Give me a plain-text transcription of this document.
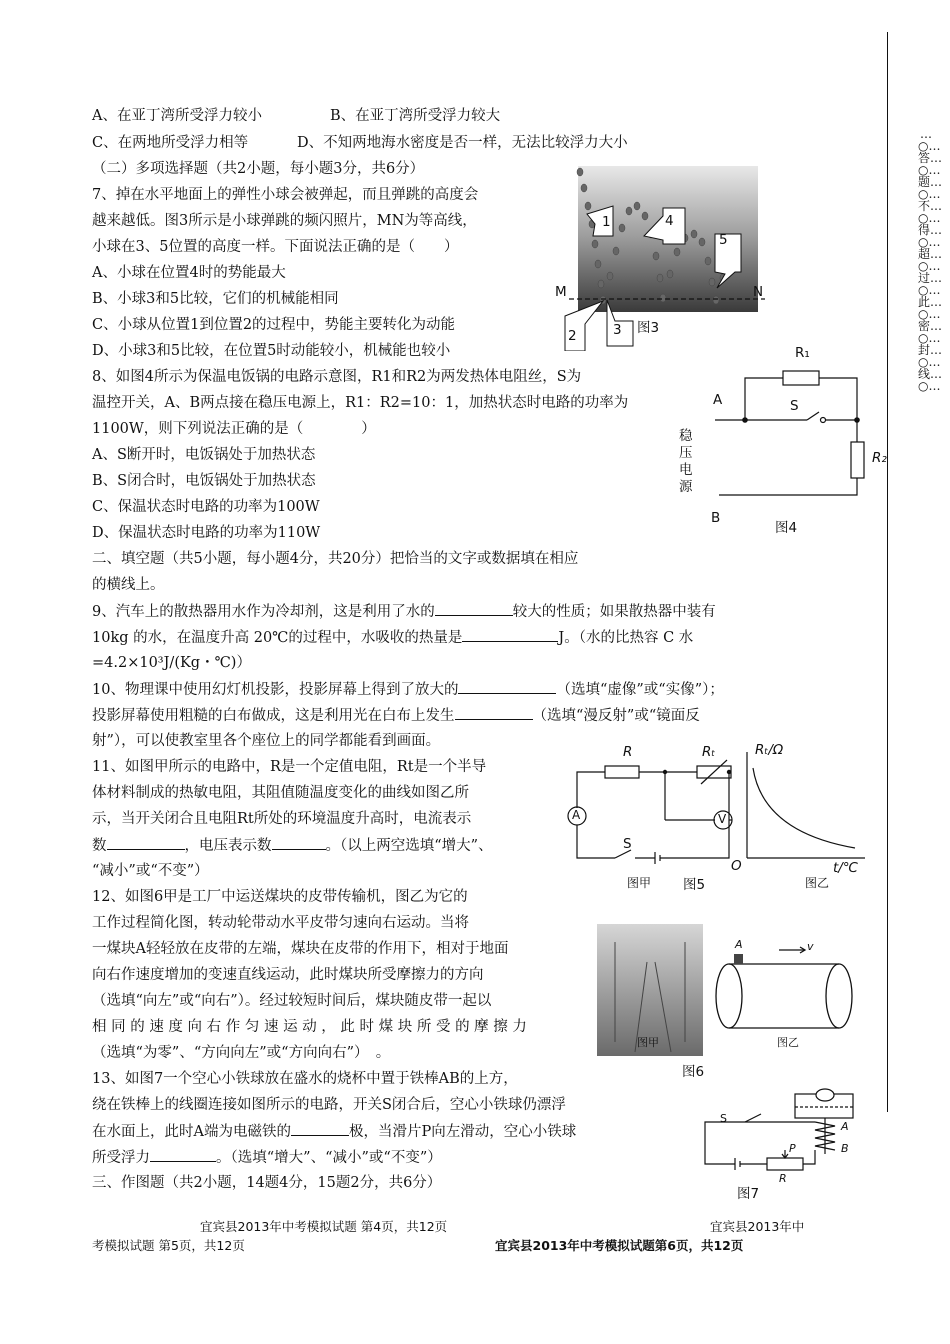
…○…答…○…题…○…不…○…得…○…超…○…过…○…此…○…密…○…封…○…线…○…
A、在亚丁湾所受浮力较小	B、在亚丁湾所受浮力较大
C、在两地所受浮力相等	D、不知两地海水密度是否一样，无法比较浮力大小
（二）多项选择题（共2小题，每小题3分，共6分）
7、掉在水平地面上的弹性小球会被弹起，而且弹跳的高度会
越来越低。图3所示是小球弹跳的频闪照片，MN为等高线，
小球在3、5位置的高度一样。下面说法正确的是（　　）
A、小球在位置4时的势能最大
B、小球3和5比较，它们的机械能相同
C、小球从位置1到位置2的过程中，势能主要转化为动能
D、小球3和5比较，在位置5时动能较小，机械能也较小
8、如图4所示为保温电饭锅的电路示意图，R1和R2为两发热体电阻丝，S为
温控开关，A、B两点接在稳压电源上，R1：R2=10：1，加热状态时电路的功率为
1100W，则下列说法正确的是（　　　　）
A、S断开时，电饭锅处于加热状态
B、S闭合时，电饭锅处于加热状态
C、保温状态时电路的功率为100W
D、保温状态时电路的功率为110W
二、填空题（共5小题，每小题4分，共20分）把恰当的文字或数据填在相应
的横线上。
9、汽车上的散热器用水作为冷却剂，这是利用了水的	较大的性质；如果散热器中装有
10kg 的水，在温度升高 20℃的过程中，水吸收的热量是	J。（水的比热容 C 水
=4.2×10³J/(Kg・℃)）
10、物理课中使用幻灯机投影，投影屏幕上得到了放大的	（选填“虚像”或“实像”）；
投影屏幕使用粗糙的白布做成，这是利用光在白布上发生	（选填“漫反射”或“镜面反
射”），可以使教室里各个座位上的同学都能看到画面。
11、如图甲所示的电路中，R是一个定值电阻，Rt是一个半导
体材料制成的热敏电阻，其阻值随温度变化的曲线如图乙所
示，当开关闭合且电阻Rt所处的环境温度升高时，电流表示
数	，电压表示数	。（以上两空选填“增大”、
“减小”或“不变”）
12、如图6甲是工厂中运送煤块的皮带传输机，图乙为它的
工作过程简化图，转动轮带动水平皮带匀速向右运动。当将
一煤块A轻轻放在皮带的左端，煤块在皮带的作用下，相对于地面
向右作速度增加的变速直线运动，此时煤块所受摩擦力的方向
（选填“向左”或“向右”）。经过较短时间后，煤块随皮带一起以
相 同 的 速 度 向 右 作 匀 速 运 动 ， 此 时 煤 块 所 受 的 摩 擦 力
（选填“为零”、“方向向左”或“方向向右”）　。
13、如图7一个空心小铁球放在盛水的烧杯中置于铁棒AB的上方，
绕在铁棒上的线圈连接如图所示的电路，开关S闭合后，空心小铁球仍漂浮
在水面上，此时A端为电磁铁的	极，当滑片P向左滑动，空心小铁球
所受浮力	。（选填“增大”、“减小”或“不变”）
三、作图题（共2小题，14题4分，15题2分，共6分）
宜宾县2013年中考模拟试题 第4页，共12页	宜宾县2013年中
考模拟试题 第5页，共12页	宜宾县2013年中考模拟试题第6页，共12页
1	4
5
2	3
M	N
图3
R₁
R₂
A
B
S
稳压电源
图4
R	Rₜ
A	V
S
Rₜ/Ω
t/℃
O
图甲	图乙
图5
A	v
图甲	图乙
图6
S
A
B
P
R
图7
